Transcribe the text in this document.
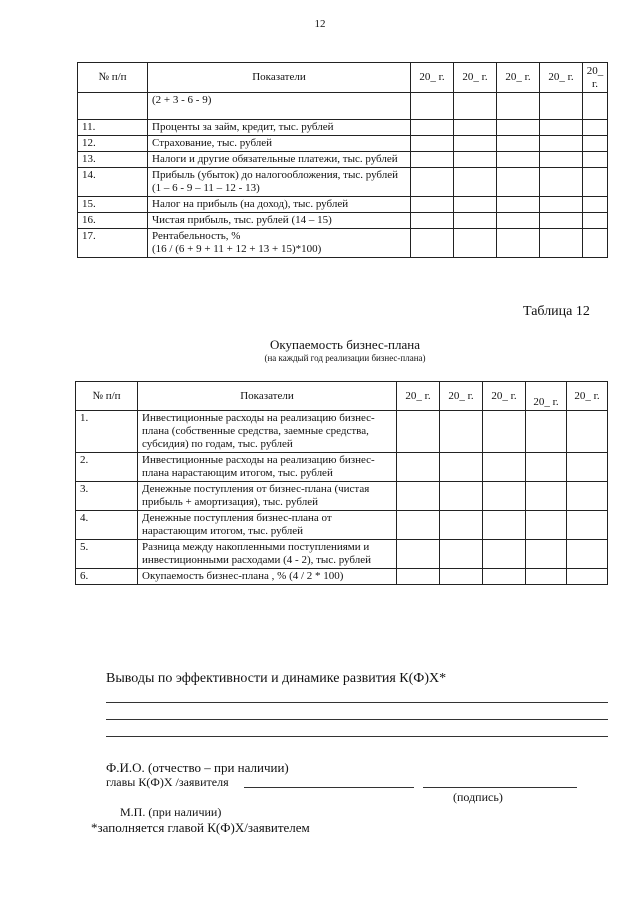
12
№ п/п	Показатели	20_ г.	20_ г.	20_ г.	20_ г.	20_ г.
	(2 + 3 - 6 - 9)					
11.	Проценты за займ, кредит, тыс. рублей					
12.	Страхование, тыс. рублей					
13.	Налоги и другие обязательные платежи, тыс. рублей					
14.	Прибыль (убыток) до налогообложения, тыс. рублей
(1 – 6 - 9 – 11 – 12 - 13)					
15.	Налог на прибыль (на доход), тыс. рублей					
16.	Чистая прибыль, тыс. рублей (14 – 15)					
17.	Рентабельность, %
(16 / (6 + 9 + 11 + 12 + 13 + 15)*100)					
Таблица 12
Окупаемость бизнес-плана
(на каждый год реализации бизнес-плана)
№ п/п	Показатели	20_ г.	20_ г.	20_ г.	20_ г.	20_ г.
1.	Инвестиционные расходы на реализацию бизнес-плана (собственные средства, заемные средства, субсидия) по годам, тыс. рублей					
2.	Инвестиционные расходы на реализацию бизнес-плана нарастающим итогом, тыс. рублей					
3.	Денежные поступления от бизнес-плана (чистая прибыль + амортизация), тыс. рублей					
4.	Денежные поступления бизнес-плана от нарастающим итогом, тыс. рублей					
5.	Разница между накопленными поступлениями и инвестиционными расходами (4 - 2), тыс. рублей					
6.	Окупаемость бизнес-плана , % (4 / 2 * 100)					
Выводы по эффективности и динамике развития К(Ф)Х*
Ф.И.О. (отчество – при наличии)
главы К(Ф)Х /заявителя
(подпись)
М.П. (при наличии)
*заполняется главой К(Ф)Х/заявителем
